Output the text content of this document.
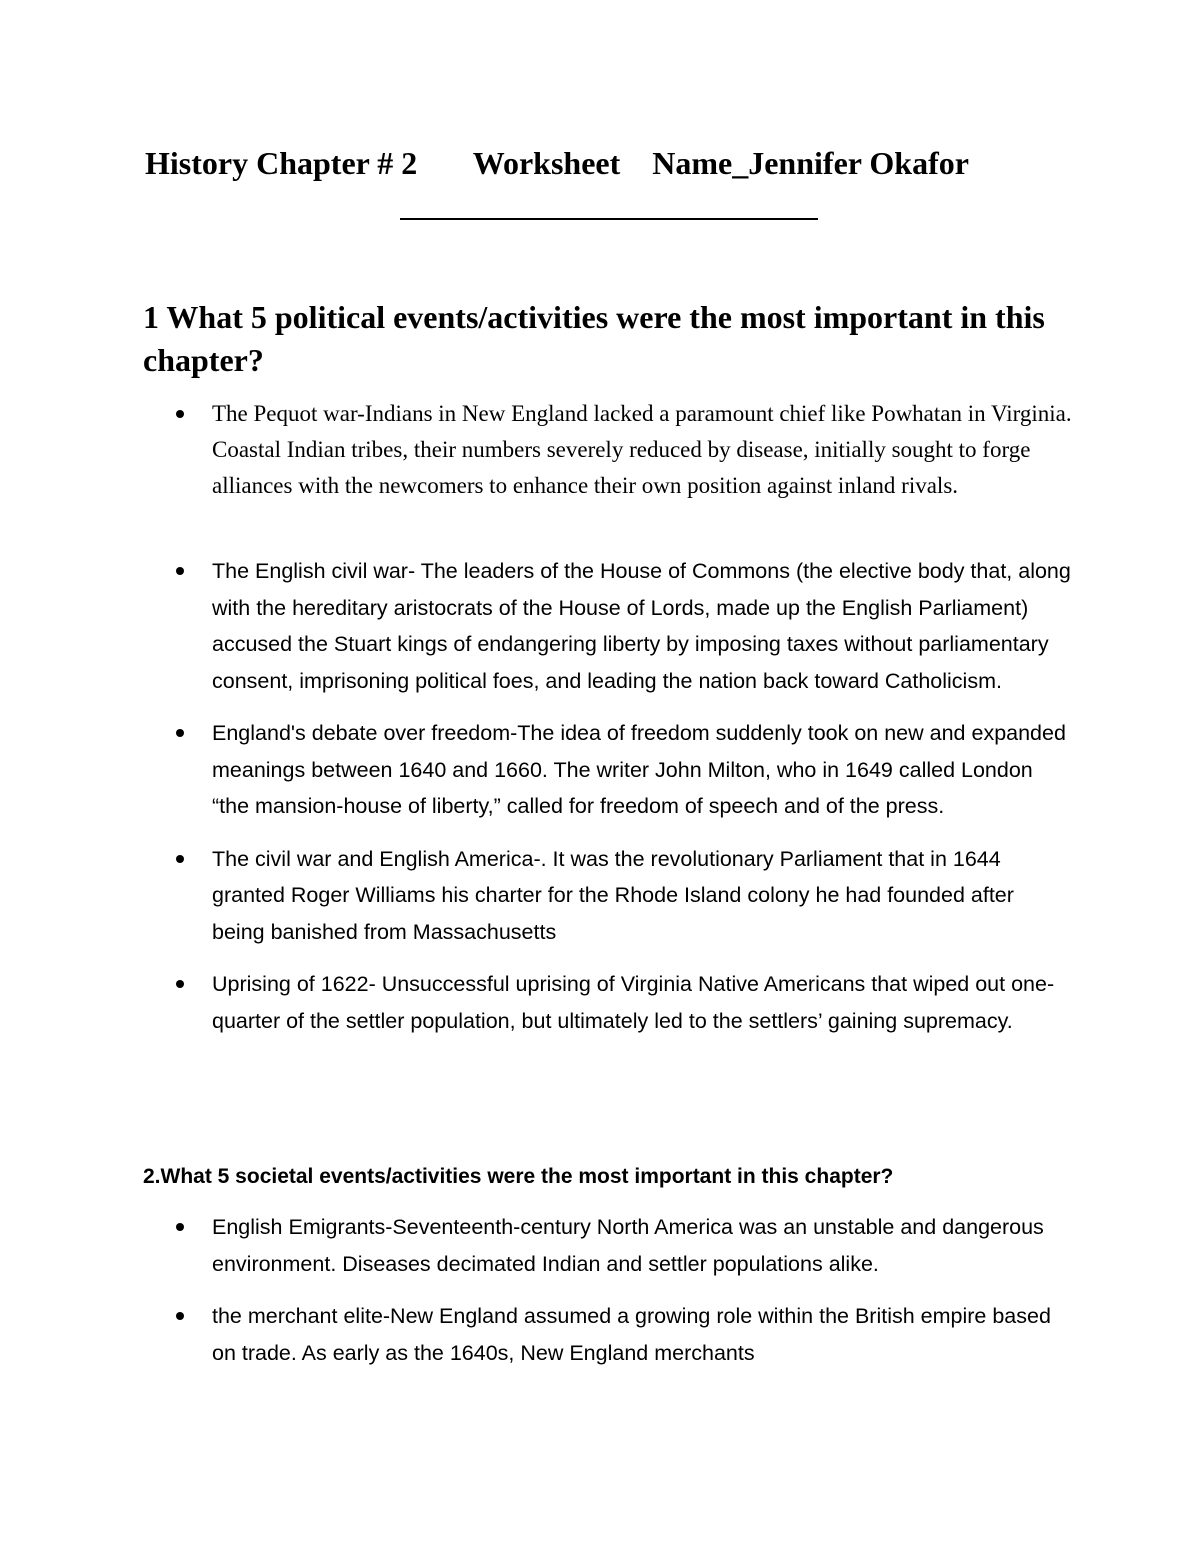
History Chapter # 2       Worksheet    Name_Jennifer Okafor
1 What 5 political events/activities were the most important in this chapter?
The Pequot war-Indians in New England lacked a paramount chief like Powhatan in Virginia. Coastal Indian tribes, their numbers severely reduced by disease, initially sought to forge alliances with the newcomers to enhance their own position against inland rivals.
The English civil war- The leaders of the House of Commons (the elective body that, along with the hereditary aristocrats of the House of Lords, made up the English Parliament) accused the Stuart kings of endangering liberty by imposing taxes without parliamentary consent, imprisoning political foes, and leading the nation back toward Catholicism.
England's debate over freedom-The idea of freedom suddenly took on new and expanded meanings between 1640 and 1660. The writer John Milton, who in 1649 called London “the mansion-house of liberty,” called for freedom of speech and of the press.
The civil war and English America-. It was the revolutionary Parliament that in 1644 granted Roger Williams his charter for the Rhode Island colony he had founded after being banished from Massachusetts
Uprising of 1622- Unsuccessful uprising of Virginia Native Americans that wiped out one-quarter of the settler population, but ultimately led to the settlers’ gaining supremacy.
2.What 5 societal events/activities were the most important in this chapter?
English Emigrants-Seventeenth-century North America was an unstable and dangerous environment. Diseases decimated Indian and settler populations alike.
the merchant elite-New England assumed a growing role within the British empire based on trade. As early as the 1640s, New England merchants
